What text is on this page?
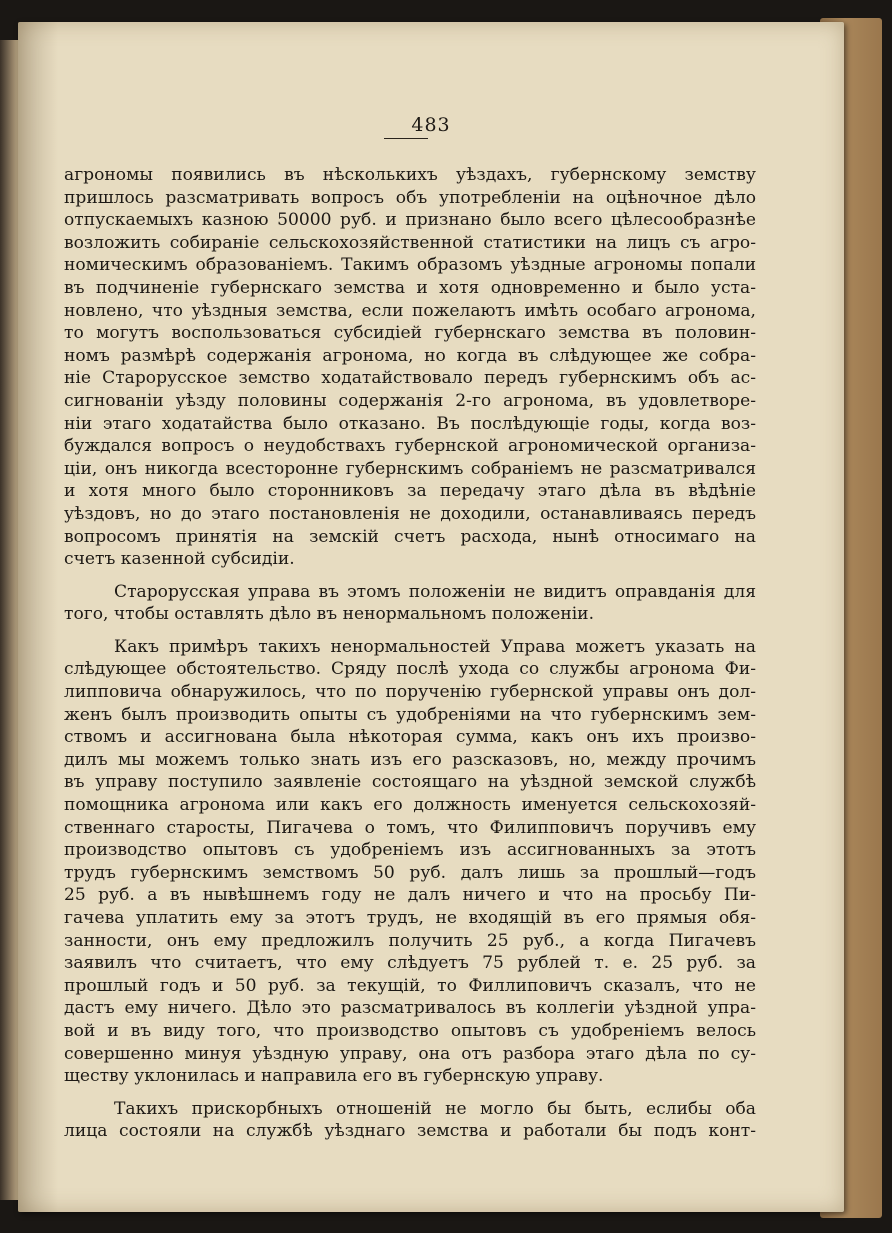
483
агрономы появились въ нѣсколькихъ уѣздахъ, губернскому земству
пришлось разсматривать вопросъ объ употребленіи на оцѣночное дѣло
отпускаемыхъ казною 50000 руб. и признано было всего цѣлесообразнѣе
возложить собираніе сельскохозяйственной статистики на лицъ съ агро-
номическимъ образованіемъ. Такимъ образомъ уѣздные агрономы попали
въ подчиненіе губернскаго земства и хотя одновременно и было уста-
новлено, что уѣздныя земства, если пожелаютъ имѣть особаго агронома,
то могутъ воспользоваться субсидіей губернскаго земства въ половин-
номъ размѣрѣ содержанія агронома, но когда въ слѣдующее же собра-
ніе Старорусское земство ходатайствовало передъ губернскимъ объ ас-
сигнованіи уѣзду половины содержанія 2-го агронома, въ удовлетворе-
ніи этаго ходатайства было отказано. Въ послѣдующіе годы, когда воз-
буждался вопросъ о неудобствахъ губернской агрономической организа-
ціи, онъ никогда всесторонне губернскимъ собраніемъ не разсматривался
и хотя много было сторонниковъ за передачу этаго дѣла въ вѣдѣніе
уѣздовъ, но до этаго постановленія не доходили, останавливаясь передъ
вопросомъ принятія на земскій счетъ расхода, нынѣ относимаго на
счетъ казенной субсидіи.
Старорусская управа въ этомъ положеніи не видитъ оправданія для
того, чтобы оставлять дѣло въ ненормальномъ положеніи.
Какъ примѣръ такихъ ненормальностей Управа можетъ указать на
слѣдующее обстоятельство. Сряду послѣ ухода со службы агронома Фи-
липповича обнаружилось, что по порученію губернской управы онъ дол-
женъ былъ производить опыты съ удобреніями на что губернскимъ зем-
ствомъ и ассигнована была нѣкоторая сумма, какъ онъ ихъ произво-
дилъ мы можемъ только знать изъ его разсказовъ, но, между прочимъ
въ управу поступило заявленіе состоящаго на уѣздной земской службѣ
помощника агронома или какъ его должность именуется сельскохозяй-
ственнаго старосты, Пигачева о томъ, что Филипповичъ поручивъ ему
производство опытовъ съ удобреніемъ изъ ассигнованныхъ за этотъ
трудъ губернскимъ земствомъ 50 руб. далъ лишь за прошлый—годъ
25 руб. а въ нывѣшнемъ году не далъ ничего и что на просьбу Пи-
гачева уплатить ему за этотъ трудъ, не входящій въ его прямыя обя-
занности, онъ ему предложилъ получить 25 руб., а когда Пигачевъ
заявилъ что считаетъ, что ему слѣдуетъ 75 рублей т. е. 25 руб. за
прошлый годъ и 50 руб. за текущій, то Филлиповичъ сказалъ, что не
дастъ ему ничего. Дѣло это разсматривалось въ коллегіи уѣздной упра-
вой и въ виду того, что производство опытовъ съ удобреніемъ велось
совершенно минуя уѣздную управу, она отъ разбора этаго дѣла по су-
ществу уклонилась и направила его въ губернскую управу.
Такихъ прискорбныхъ отношеній не могло бы быть, еслибы оба
лица состояли на службѣ уѣзднаго земства и работали бы подъ конт-
